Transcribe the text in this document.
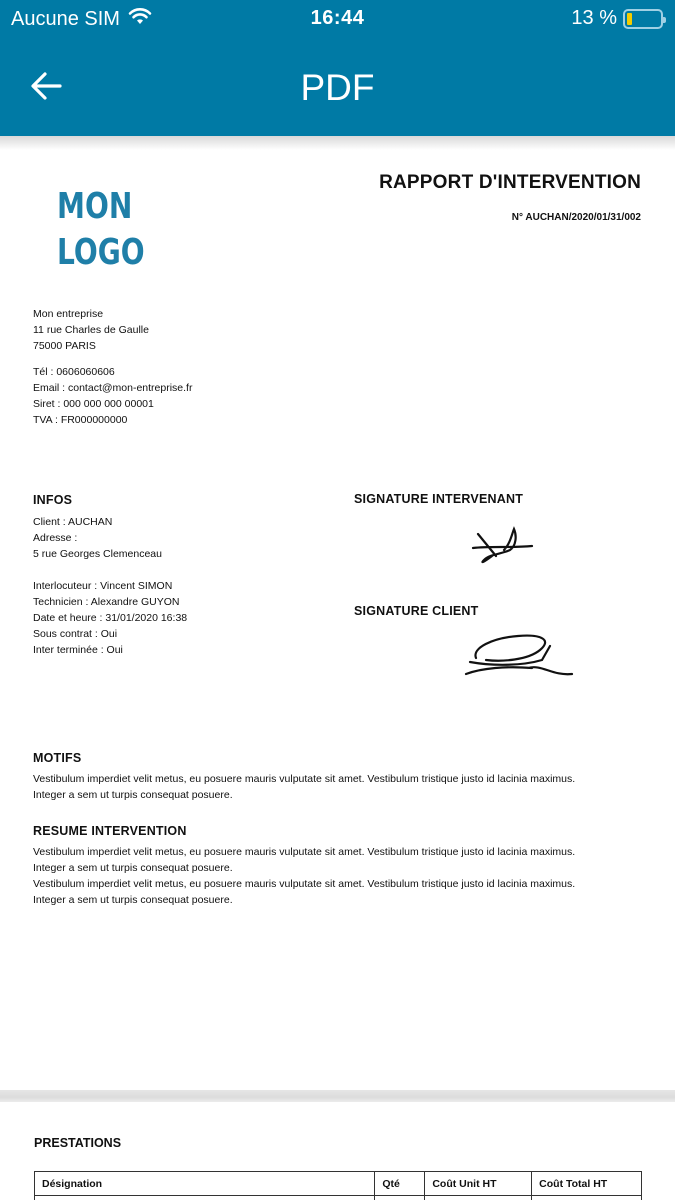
Aucune SIM	16:44	13 %
PDF
MON
LOGO
RAPPORT D'INTERVENTION
N° AUCHAN/2020/01/31/002
Mon entreprise
11 rue Charles de Gaulle
75000 PARIS
Tél : 0606060606
Email : contact@mon-entreprise.fr
Siret : 000 000 000 00001
TVA : FR000000000
INFOS
Client : AUCHAN
Adresse :
5 rue Georges Clemenceau
Interlocuteur : Vincent SIMON
Technicien : Alexandre GUYON
Date et heure : 31/01/2020 16:38
Sous contrat : Oui
Inter terminée : Oui
SIGNATURE INTERVENANT
SIGNATURE CLIENT
MOTIFS
Vestibulum imperdiet velit metus, eu posuere mauris vulputate sit amet. Vestibulum tristique justo id lacinia maximus.
Integer a sem ut turpis consequat posuere.
RESUME INTERVENTION
Vestibulum imperdiet velit metus, eu posuere mauris vulputate sit amet. Vestibulum tristique justo id lacinia maximus.
Integer a sem ut turpis consequat posuere.
Vestibulum imperdiet velit metus, eu posuere mauris vulputate sit amet. Vestibulum tristique justo id lacinia maximus.
Integer a sem ut turpis consequat posuere.
PRESTATIONS
Désignation	Qté	Coût Unit HT	Coût Total HT
